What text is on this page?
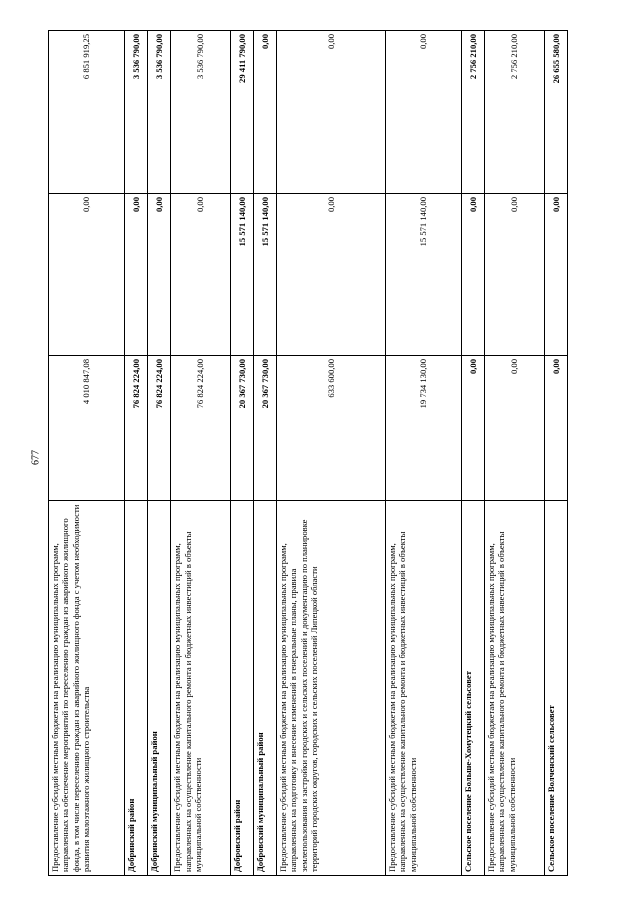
677
Предоставление субсидий местным бюджетам на реализацию муниципальных программ, направленных на обеспечение мероприятий по переселению граждан из аварийного жилищного фонда, в том числе переселению граждан из аварийного жилищного фонда с учетом необходимости развития малоэтажного жилищного строительства	4 010 847,08	0,00	6 851 919,25
Добринский район	76 824 224,00	0,00	3 536 790,00
Добринский муниципальный район	76 824 224,00	0,00	3 536 790,00
Предоставление субсидий местным бюджетам на реализацию муниципальных программ, направленных на осуществление капитального ремонта и бюджетных инвестиций в объекты муниципальной собственности	76 824 224,00	0,00	3 536 790,00
Добровский район	20 367 730,00	15 571 140,00	29 411 790,00
Добровский муниципальный район	20 367 730,00	15 571 140,00	0,00
Предоставление субсидий местным бюджетам на реализацию муниципальных программ, направленных на подготовку и внесение изменений в генеральные планы, правила землепользования и застройки городских и сельских поселений и документацию по планировке территорий городских округов, городских и сельских поселений Липецкой области	633 600,00	0,00	0,00
Предоставление субсидий местным бюджетам на реализацию муниципальных программ, направленных на осуществление капитального ремонта и бюджетных инвестиций в объекты муниципальной собственности	19 734 130,00	15 571 140,00	0,00
Сельское поселение Больше-Хомутецкий сельсовет	0,00	0,00	2 756 210,00
Предоставление субсидий местным бюджетам на реализацию муниципальных программ, направленных на осуществление капитального ремонта и бюджетных инвестиций в объекты муниципальной собственности	0,00	0,00	2 756 210,00
Сельское поселение Волченский сельсовет	0,00	0,00	26 655 580,00
